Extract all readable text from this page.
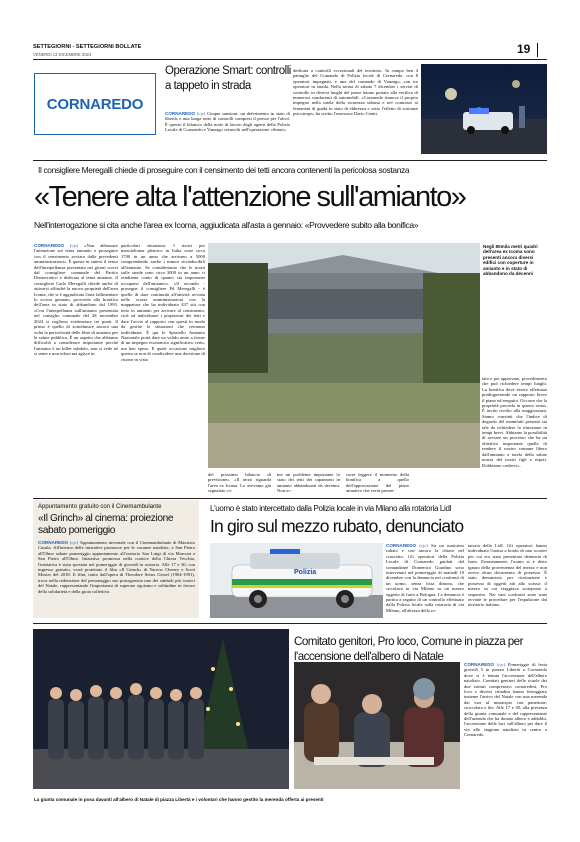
SETTEGIORNI - SETTEGIORNI BOLLATE
VENERDÌ 13 DICEMBRE 2024	19
CORNAREDO
Operazione Smart: controlli a tappeto in strada
CORNAREDO (cjc) Cinque sanzioni, un deferimento in stato di libertà, e una lunga serie di controlli compresi il presso per l'alcol. È questo il bilancio della notte di lavoro degli agenti della Polizia Locale di Cornaredo e Vanzago coinvolti nell'operazione «Smart»
dedicata a controlli eccezionali del territorio. In campo ben 4 pattuglie del Comando di Polizia locale di Cornaredo, con 8 operatori impegnati, e una del comando di Vanzago, con tre operatori in strada. Nella serata di sabato 7 dicembre i servizi di controllo in diversi luoghi del paese hanno portato alla verifica di numerosi conducenti di automobili. «Cornaredo rinnova il proprio impegno nella tutela della sicurezza urbana e nel contrasto ai fenomeni di guida in stato di ebbrezza e sotto l'effetto di sostanze psicotrope» ha scritto l'assessore Dario Ceniti.
Il consigliere Meregalli chiede di proseguire con il censimento dei tetti ancora contenenti la pericolosa sostanza
«Tenere alta l'attenzione sull'amianto»
Nell'interrogazione si cita anche l'area ex Icoma, aggiudicata all'asta a gennaio: «Provvedere subito alla bonifica»
CORNAREDO (cjc) «Non abbassare l'attenzione sul tema amianto e proseguire con il censimento avviato dalle precedenti amministrazioni». È questa in sintesi il senso dell'interpellanza presentata nei giorni scorsi dal consigliere comunale del Partito Democratico e dedicata al tema amianto. Il consigliere Carlo Meregalli chiede anche di attivarsi affinché la nuova proprietà dell'area Icoma, che si è aggiudicata l'asta fallimentare lo scorso gennaio, provveda alla bonifica dell'area in stato di abbandono dal 1993. «Con l'interpellanza sull'amianto presentata nel consiglio comunale del 28 novembre 2024 si vogliono evidenziare tre punti. Il primo è quello di sottolineare ancora una volta la pericolosità delle fibre di amianto per la salute pubblica. È un aspetto che abbiamo difficoltà a considerare importante perché l'amianto è un killer subdolo, non si vede né si sente e non odora ma agisce in
particolari situazioni. I morti per mesotelioma pleurico in Italia sono circa 1700 in un anno che arrivano a 5000 comprendendo anche i tumori riconducibili all'amianto. Se consideriamo che le morti sulle strade sono circa 3000 in un anno ci rendiamo conto di quanto sia importante occuparsi dell'amianto». «Il secondo - prosegue il consigliere Pd Meregalli - è quello di dare continuità all'attività avviata nelle scorse amministrazioni con la mappatura che ha individuato 437 siti con tetto in amianto per arrivare al censimento, cioè ad individuare i proprietari dei tetti e dare l'avvio al rapporto con questi in modo da gestire le situazioni che verranno individuate. È qui lo Sportello Amianto Nazionale potrà dare un valido aiuto a fronte di un impegno economico significativo certo, ma ben speso. E quale occasione migliore questa se non di condividere una decisione di risorse in vista
Negli 80mila metri quadri dell'area ex Icoma sono presenti ancora diversi edifici con coperture in amianto e in stato di abbandono da decenni
del prossimo bilancio di previsione». «Il terzo riguarda l'area ex Icoma. Lo avevamo già segnalato co-
me un problema importante lo stato dei tetti dei capannoni in amianto abbandonati da decenni. Non oc-
corre leggere il momento della bonifica a quello dell'approvazione del piano attuativo che verrà presen-
tato e poi approvato, procedimento che può richiedere tempi lunghi. La bonifica deve essere effettuata prediqpresendo un rapporto breve il piano ed eseguito. Occorre che la proprietà proceda in questo senso. È invito rivolto alla maggioranza. Siamo convinti che l'indice di degrado del manufatti presenti sia tale da richiedere la rimozione in tempi brevi. Abbiamo la possibilità di avviare un processo che ha un obiettivo importante quello di rendere il nostro comune libero dall'amianto a tutela della salute nostra del nostri figli e nipoti. Dobbiamo crederci».
Appuntamento gratuito con il Cinemambulante
«Il Grinch» al cinema: proiezione sabato pomeriggio
CORNAREDO (cjc) Appuntamento invernale con il Cinemambulante di Maurizio Casula. All'interno delle iniziative promosse per le vacanze natalizie, a San Pietro all'Olmo sabato pomeriggio appuntamento all'oratorio San Luigi di via Marconi a San Pietro all'Olmo. Iniziativa promossa nella cornice della Chiesa Vecchia, l'iniziativa è stata spostata nel pomeriggio di giovedì in oratorio. Alle 17 e 30, con ingresso gratuito, verrà proiettato il film «Il Grinch» di Yarrow Cheney e Scott Mosier del 2018. Il film, tratto dall'opera di Theodore Seuss Geisel (1904-1991), trova nella redenzione del personaggio suo protagonista uno dei simboli più iconici del Natale, rappresentando l'importanza di superare egoismo e solitudine in favore della solidarietà e della gioia collettiva.
L'uomo è stato intercettato dalla Polizia locale in via Milano alla rotatoria Lidl
In giro sul mezzo rubato, denunciato
Polizia
CORNAREDO (cjc) Su un motorino rubato e con ancora la chiave nel cruscotto. Gli operatori della Polizia Locale di Cornaredo guidati dal comandante Domenico Giardino sono intervenuti nel pomeriggio di martedì 10 dicembre con la denuncia nei confronti di un uomo, senza fissa dimora, che circolava in via Milano su un mezzo oggetto di furto a Bologna. La denuncia è partita a seguito di un controllo effettuato dalla Polizia locale sulla rotatoria di via Milano, all'altezza della ro-
tatoria della Lidl. Gli operatori hanno individuato l'uomo a bordo di uno scooter per cui era stata presentata denuncia di furto. Erroneamente, l'uomo si è detto ignaro della provenienza del mezzo e non aveva alcun documento di possesso. È stato denunciato per ricettazione e possesso di oggetti atti allo scasso: il mezzo su cui viaggiava sottoposto a sequestro. Nei suoi confronti sono state avviate le procedure per l'espulsione dal territorio italiano.
Comitato genitori, Pro loco, Comune in piazza per l'accensione dell'albero di Natale
CORNAREDO (cjc) Pomeriggio di festa giovedì 5 in piazza Libertà a Cornaredo dove si è tenuta l'accensione dell'albero natalizio. Comitati genitori delle scuole dei due istituti comprensivi cornaredesi, Pro loco e diversi cittadini hanno festeggiato insieme l'arrivo del Natale con una merenda dai vari al municipio con panettone, cioccolata e the. Alle 17 e 30, alla presenza della giunta comunale e del rappresentante dell'azienda che ha donato albero e addobbi, l'accensione delle luci sull'albero per dare il via alle stagione natalizia in centro a Cornaredo.
La giunta comunale in posa davanti all'albero di Natale di piazza Libertà e i volontari che hanno gestito la merenda offerta ai presenti
